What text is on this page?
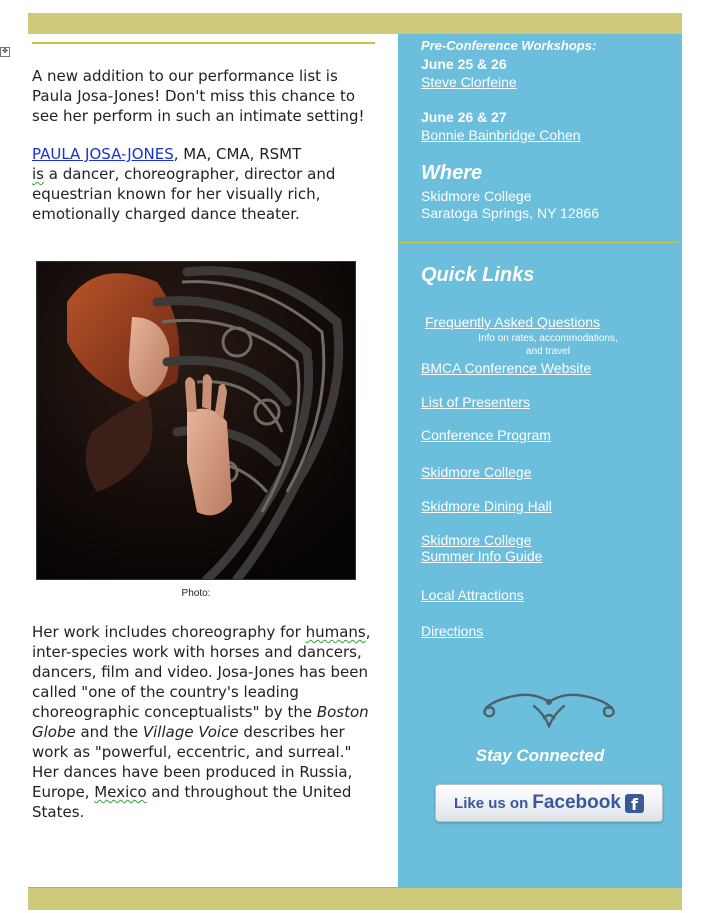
✥

A new addition to our performance list is Paula Josa-Jones! Don't miss this chance to see her perform in such an intimate setting!

PAULA JOSA-JONES, MA, CMA, RSMT
is a dancer, choreographer, director and equestrian known for her visually rich, emotionally charged dance theater.

Photo:

Her work includes choreography for humans, inter-species work with horses and dancers, dancers, film and video. Josa-Jones has been called "one of the country's leading choreographic conceptualists" by the Boston Globe and the Village Voice describes her work as "powerful, eccentric, and surreal." Her dances have been produced in Russia, Europe, Mexico and throughout the United States.

Pre-Conference Workshops:
June 25 & 26
Steve Clorfeine
June 26 & 27
Bonnie Bainbridge Cohen
Where
Skidmore College
Saratoga Springs, NY 12866
Quick Links
Frequently Asked Questions
Info on rates, accommodations,
and travel
BMCA Conference Website
List of Presenters
Conference Program
Skidmore College
Skidmore Dining Hall
Skidmore College
Summer Info Guide
Local Attractions
Directions
Stay Connected
Like us on Facebook f
